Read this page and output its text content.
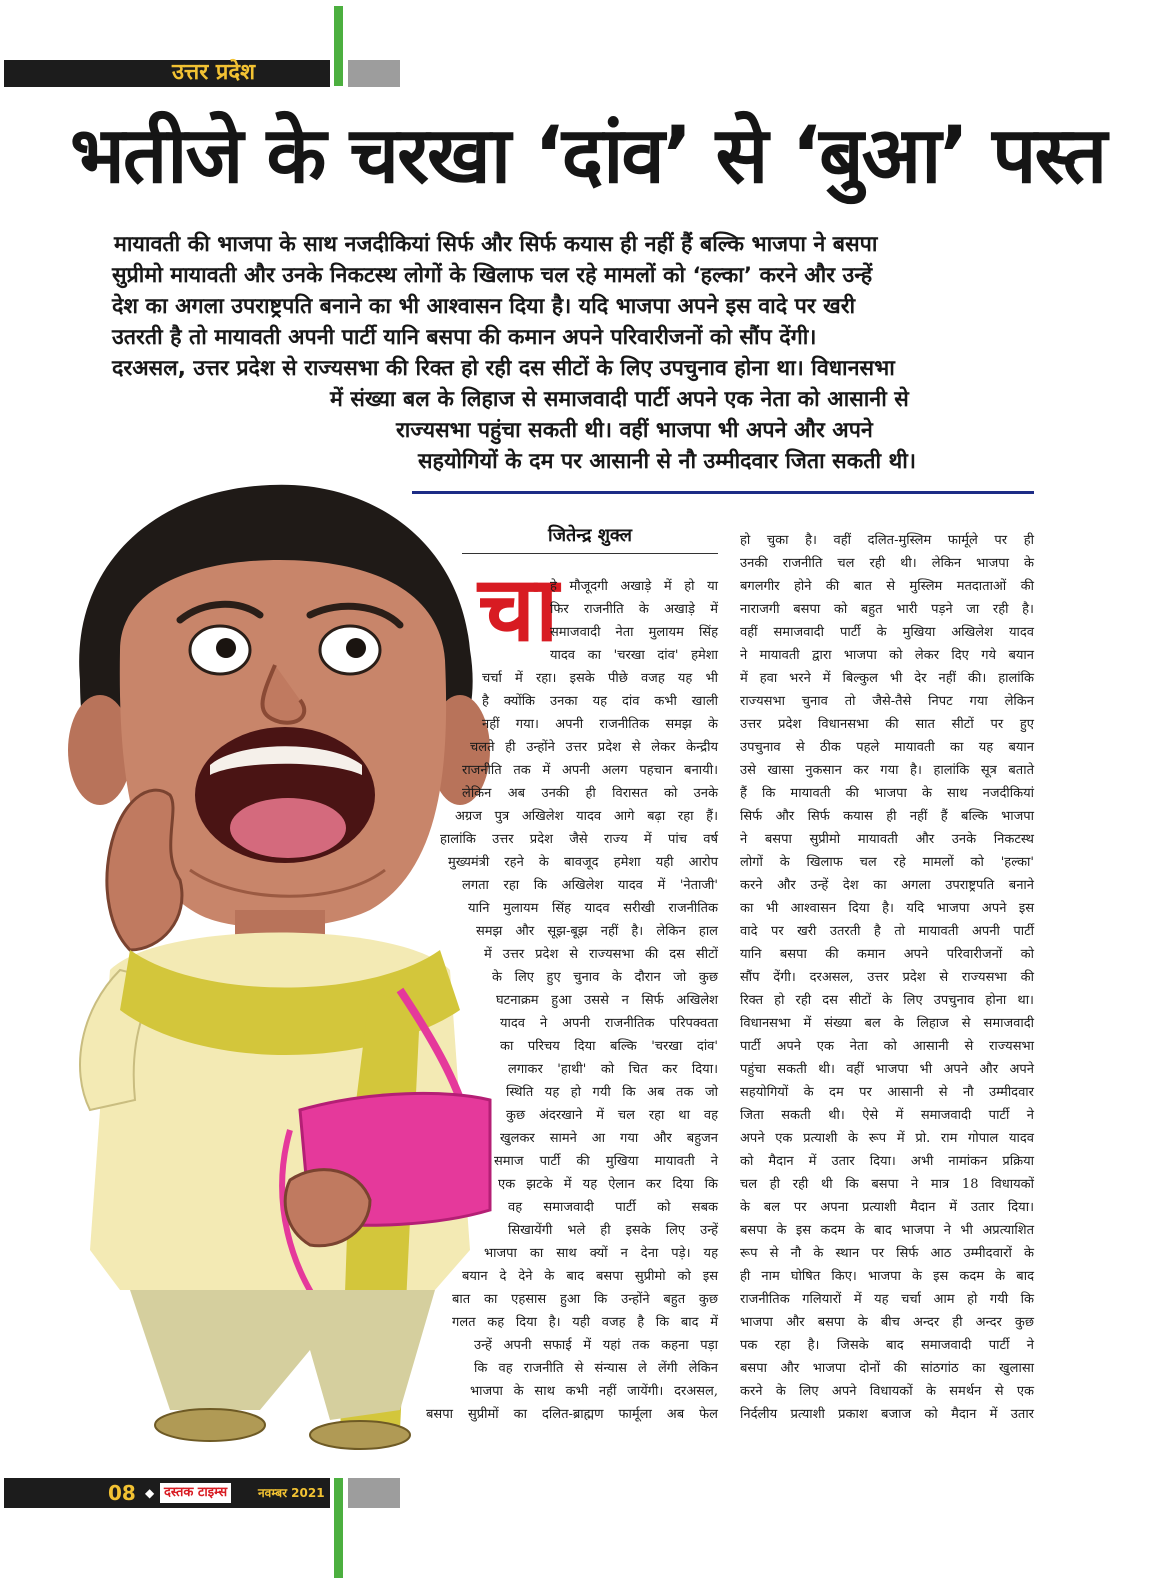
उत्तर प्रदेश
भतीजे के चरखा ‘दांव’ से ‘बुआ’ पस्त
मायावती की भाजपा के साथ नजदीकियां सिर्फ और सिर्फ कयास ही नहीं हैं बल्कि भाजपा ने बसपा
सुप्रीमो मायावती और उनके निकटस्थ लोगों के खिलाफ चल रहे मामलों को ‘हल्का’ करने और उन्हें
देश का अगला उपराष्ट्रपति बनाने का भी आश्वासन दिया है। यदि भाजपा अपने इस वादे पर खरी
उतरती है तो मायावती अपनी पार्टी यानि बसपा की कमान अपने परिवारीजनों को सौंप देंगी।
दरअसल, उत्तर प्रदेश से राज्यसभा की रिक्त हो रही दस सीटों के लिए उपचुनाव होना था। विधानसभा
में संख्या बल के लिहाज से समाजवादी पार्टी अपने एक नेता को आसानी से
राज्यसभा पहुंचा सकती थी। वहीं भाजपा भी अपने और अपने
सहयोगियों के दम पर आसानी से नौ उम्मीदवार जिता सकती थी।
जितेन्द्र शुक्ल
चा
हे मौजूदगी अखाड़े में हो या
फिर राजनीति के अखाड़े में
समाजवादी नेता मुलायम सिंह
यादव का 'चरखा दांव' हमेशा
चर्चा में रहा। इसके पीछे वजह यह भी
है क्योंकि उनका यह दांव कभी खाली
नहीं गया। अपनी राजनीतिक समझ के
चलते ही उन्होंने उत्तर प्रदेश से लेकर केन्द्रीय
राजनीति तक में अपनी अलग पहचान बनायी।
लेकिन अब उनकी ही विरासत को उनके
अग्रज पुत्र अखिलेश यादव आगे बढ़ा रहा हैं।
हालांकि उत्तर प्रदेश जैसे राज्य में पांच वर्ष
मुख्यमंत्री रहने के बावजूद हमेशा यही आरोप
लगता रहा कि अखिलेश यादव में 'नेताजी'
यानि मुलायम सिंह यादव सरीखी राजनीतिक
समझ और सूझ-बूझ नहीं है। लेकिन हाल
में उत्तर प्रदेश से राज्यसभा की दस सीटों
के लिए हुए चुनाव के दौरान जो कुछ
घटनाक्रम हुआ उससे न सिर्फ अखिलेश
यादव ने अपनी राजनीतिक परिपक्वता
का परिचय दिया बल्कि 'चरखा दांव'
लगाकर 'हाथी' को चित कर दिया।
स्थिति यह हो गयी कि अब तक जो
कुछ अंदरखाने में चल रहा था वह
खुलकर सामने आ गया और बहुजन
समाज पार्टी की मुखिया मायावती ने
एक झटके में यह ऐलान कर दिया कि
वह समाजवादी पार्टी को सबक
सिखायेंगी भले ही इसके लिए उन्हें
भाजपा का साथ क्यों न देना पड़े। यह
बयान दे देने के बाद बसपा सुप्रीमो को इस
बात का एहसास हुआ कि उन्होंने बहुत कुछ
गलत कह दिया है। यही वजह है कि बाद में
उन्हें अपनी सफाई में यहां तक कहना पड़ा
कि वह राजनीति से संन्यास ले लेंगी लेकिन
भाजपा के साथ कभी नहीं जायेंगी। दरअसल,
बसपा सुप्रीमों का दलित-ब्राह्मण फार्मूला अब फेल
हो चुका है। वहीं दलित-मुस्लिम फार्मूले पर ही
उनकी राजनीति चल रही थी। लेकिन भाजपा के
बगलगीर होने की बात से मुस्लिम मतदाताओं की
नाराजगी बसपा को बहुत भारी पड़ने जा रही है।
वहीं समाजवादी पार्टी के मुखिया अखिलेश यादव
ने मायावती द्वारा भाजपा को लेकर दिए गये बयान
में हवा भरने में बिल्कुल भी देर नहीं की। हालांकि
राज्यसभा चुनाव तो जैसे-तैसे निपट गया लेकिन
उत्तर प्रदेश विधानसभा की सात सीटों पर हुए
उपचुनाव से ठीक पहले मायावती का यह बयान
उसे खासा नुकसान कर गया है। हालांकि सूत्र बताते
हैं कि मायावती की भाजपा के साथ नजदीकियां
सिर्फ और सिर्फ कयास ही नहीं हैं बल्कि भाजपा
ने बसपा सुप्रीमो मायावती और उनके निकटस्थ
लोगों के खिलाफ चल रहे मामलों को 'हल्का'
करने और उन्हें देश का अगला उपराष्ट्रपति बनाने
का भी आश्वासन दिया है। यदि भाजपा अपने इस
वादे पर खरी उतरती है तो मायावती अपनी पार्टी
यानि बसपा की कमान अपने परिवारीजनों को
सौंप देंगी। दरअसल, उत्तर प्रदेश से राज्यसभा की
रिक्त हो रही दस सीटों के लिए उपचुनाव होना था।
विधानसभा में संख्या बल के लिहाज से समाजवादी
पार्टी अपने एक नेता को आसानी से राज्यसभा
पहुंचा सकती थी। वहीं भाजपा भी अपने और अपने
सहयोगियों के दम पर आसानी से नौ उम्मीदवार
जिता सकती थी। ऐसे में समाजवादी पार्टी ने
अपने एक प्रत्याशी के रूप में प्रो. राम गोपाल यादव
को मैदान में उतार दिया। अभी नामांकन प्रक्रिया
चल ही रही थी कि बसपा ने मात्र 18 विधायकों
के बल पर अपना प्रत्याशी मैदान में उतार दिया।
बसपा के इस कदम के बाद भाजपा ने भी अप्रत्याशित
रूप से नौ के स्थान पर सिर्फ आठ उम्मीदवारों के
ही नाम घोषित किए। भाजपा के इस कदम के बाद
राजनीतिक गलियारों में यह चर्चा आम हो गयी कि
भाजपा और बसपा के बीच अन्दर ही अन्दर कुछ
पक रहा है। जिसके बाद समाजवादी पार्टी ने
बसपा और भाजपा दोनों की सांठगांठ का खुलासा
करने के लिए अपने विधायकों के समर्थन से एक
निर्दलीय प्रत्याशी प्रकाश बजाज को मैदान में उतार
08 ◆ दस्तक टाइम्स	नवम्बर 2021
